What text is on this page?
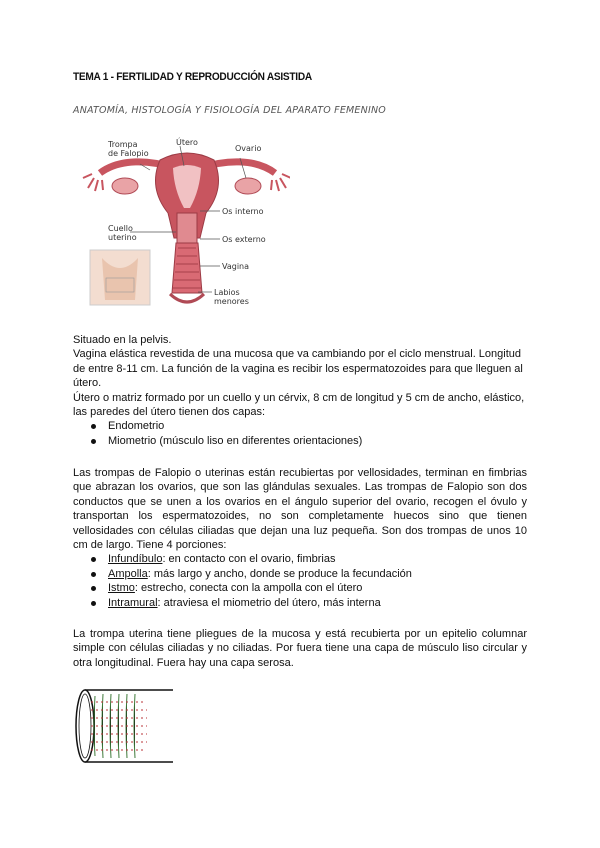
TEMA 1 - FERTILIDAD Y REPRODUCCIÓN ASISTIDA
ANATOMÍA, HISTOLOGÍA Y FISIOLOGÍA DEL APARATO FEMENINO
Trompa
de Falopio
Útero
Ovario
Os interno
Cuello
uterino	Os externo
Vagina
Labios
menores

Situado en la pelvis.

Vagina elástica revestida de una mucosa que va cambiando por el ciclo menstrual. Longitud de entre 8-11 cm. La función de la vagina es recibir los espermatozoides para que lleguen al útero.

Útero o matriz formado por un cuello y un cérvix, 8 cm de longitud y 5 cm de ancho, elástico, las paredes del útero tienen dos capas:

Endometrio
Miometrio (músculo liso en diferentes orientaciones)

Las trompas de Falopio o uterinas están recubiertas por vellosidades, terminan en fimbrias que abrazan los ovarios, que son las glándulas sexuales. Las trompas de Falopio son dos conductos que se unen a los ovarios en el ángulo superior del ovario, recogen el óvulo y transportan los espermatozoides, no son completamente huecos sino que tienen vellosidades con células ciliadas que dejan una luz pequeña. Son dos trompas de unos 10 cm de largo. Tiene 4 porciones:

Infundíbulo: en contacto con el ovario, fimbrias
Ampolla: más largo y ancho, donde se produce la fecundación
Istmo: estrecho, conecta con la ampolla con el útero
Intramural: atraviesa el miometrio del útero, más interna

La trompa uterina tiene pliegues de la mucosa y está recubierta por un epitelio columnar simple con células ciliadas y no ciliadas. Por fuera tiene una capa de músculo liso circular y otra longitudinal. Fuera hay una capa serosa.
